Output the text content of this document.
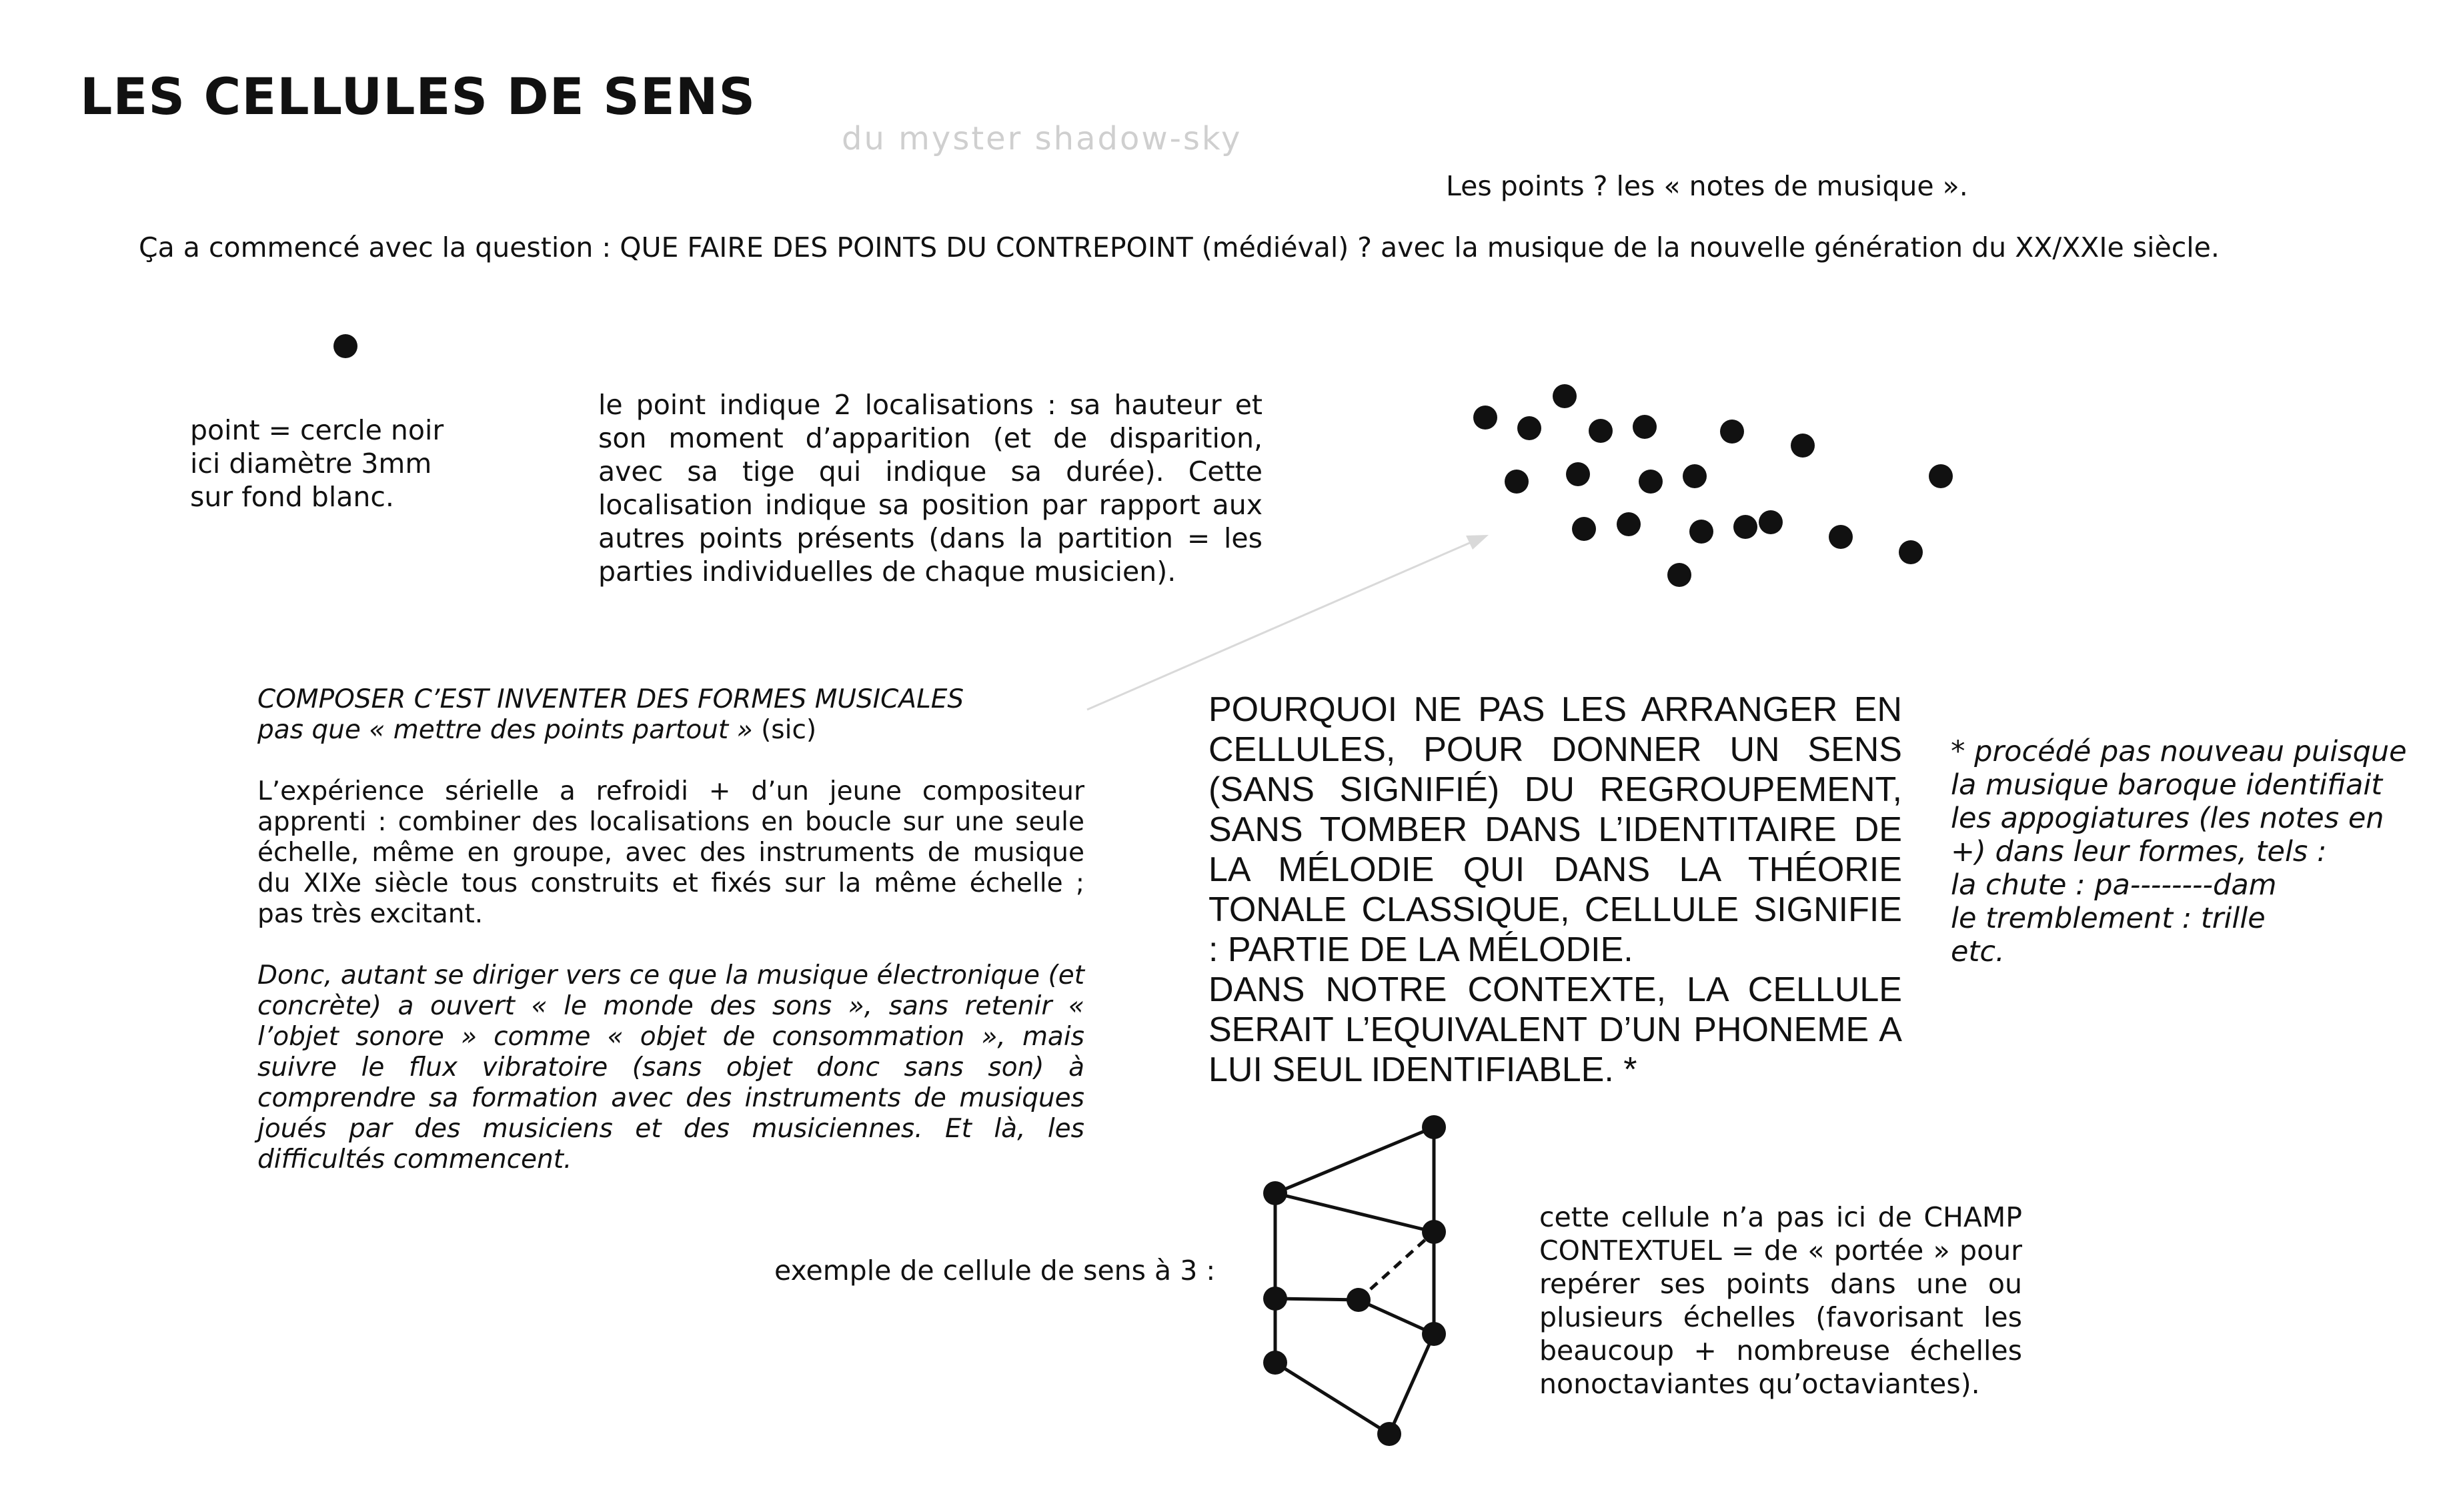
LES CELLULES DE SENS
du myster shadow-sky
Les points ? les « notes de musique ».
Ça a commencé avec la question : QUE FAIRE DES POINTS DU CONTREPOINT (médiéval) ? avec la musique de la nouvelle génération du XX/XXIe siècle.

point = cercle noir

ici diamètre 3mm

sur fond blanc.

le point indique 2 localisations : sa hauteur et son moment d’apparition (et de disparition, avec sa tige qui indique sa durée). Cette localisation indique sa position par rapport aux autres points présents (dans la partition = les parties individuelles de chaque musicien).

COMPOSER C’EST INVENTER DES FORMES MUSICALES

pas que « mettre des points partout » (sic)

L’expérience sérielle a refroidi + d’un jeune compositeur apprenti : combiner des localisations en boucle sur une seule échelle, même en groupe, avec des instruments de musique du XIXe siècle tous construits et fixés sur la même échelle ; pas très excitant.

Donc, autant se diriger vers ce que la musique électronique (et concrète) a ouvert « le monde des sons », sans retenir « l’objet sonore » comme « objet de consommation », mais suivre le flux vibratoire (sans objet donc sans son) à comprendre sa formation avec des instruments de musiques joués par des musiciens et des musiciennes. Et là, les difficultés commencent.

POURQUOI NE PAS LES ARRANGER EN CELLULES, POUR DONNER UN SENS (SANS SIGNIFIÉ) DU REGROUPEMENT, SANS TOMBER DANS L’IDENTITAIRE DE LA MÉLODIE QUI DANS LA THÉORIE TONALE CLASSIQUE, CELLULE SIGNIFIE : PARTIE DE LA MÉLODIE.

DANS NOTRE CONTEXTE, LA CELLULE SERAIT L’EQUIVALENT D’UN PHONEME A LUI SEUL IDENTIFIABLE. *

* procédé pas nouveau puisque

la musique baroque identifiait

les appogiatures (les notes en

+) dans leur formes, tels :

la chute : pa--------dam

le tremblement : trille

etc.

exemple de cellule de sens à 3 :
cette cellule n’a pas ici de CHAMP CONTEXTUEL = de « portée » pour repérer ses points dans une ou plusieurs échelles (favorisant les beaucoup + nombreuse échelles nonoctaviantes qu’octaviantes).
